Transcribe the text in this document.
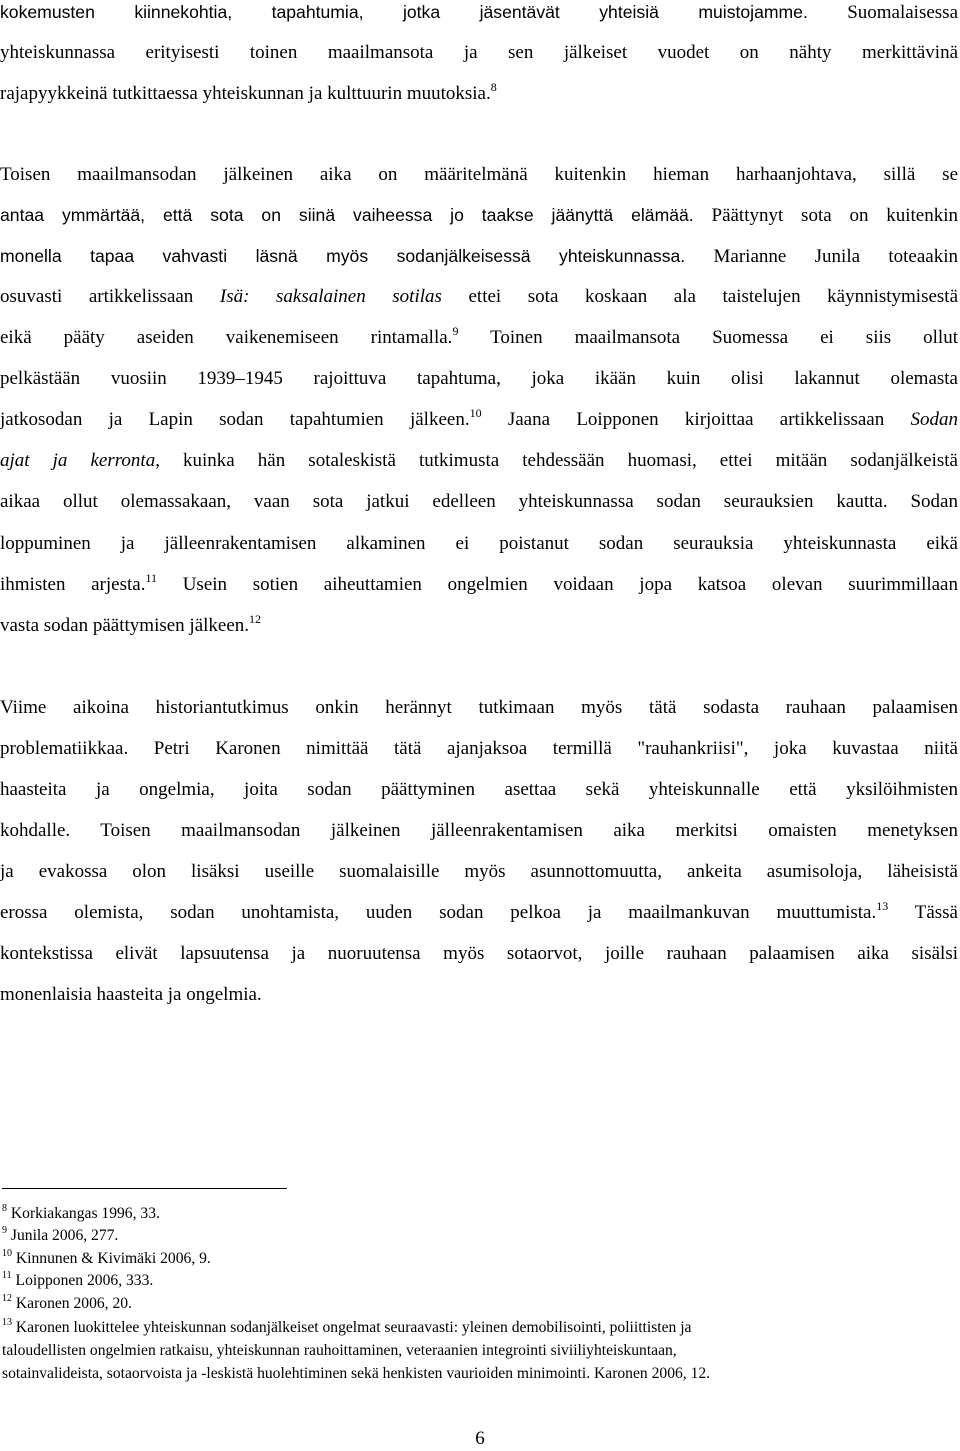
kokemusten kiinnekohtia, tapahtumia, jotka jäsentävät yhteisiä muistojamme. Suomalaisessa
yhteiskunnassa erityisesti toinen maailmansota ja sen jälkeiset vuodet on nähty merkittävinä
rajapyykkeinä tutkittaessa yhteiskunnan ja kulttuurin muutoksia.$^8$
Toisen maailmansodan jälkeinen aika on määritelmänä kuitenkin hieman harhaanjohtava, sillä se
antaa ymmärtää, että sota on siinä vaiheessa jo taakse jäänyttä elämää. Päättynyt sota on kuitenkin
monella tapaa vahvasti läsnä myös sodanjälkeisessä yhteiskunnassa. Marianne Junila toteaakin
osuvasti artikkelissaan Isä: saksalainen sotilas ettei sota koskaan ala taistelujen käynnistymisestä
eikä pääty aseiden vaikenemiseen rintamalla.$^9$ Toinen maailmansota Suomessa ei siis ollut
pelkästään vuosiin 1939–1945 rajoittuva tapahtuma, joka ikään kuin olisi lakannut olemasta
jatkosodan ja Lapin sodan tapahtumien jälkeen.$^{10}$ Jaana Loipponen kirjoittaa artikkelissaan Sodan
ajat ja kerronta, kuinka hän sotaleskistä tutkimusta tehdessään huomasi, ettei mitään sodanjälkeistä
aikaa ollut olemassakaan, vaan sota jatkui edelleen yhteiskunnassa sodan seurauksien kautta. Sodan
loppuminen ja jälleenrakentamisen alkaminen ei poistanut sodan seurauksia yhteiskunnasta eikä
ihmisten arjesta.$^{11}$ Usein sotien aiheuttamien ongelmien voidaan jopa katsoa olevan suurimmillaan
vasta sodan päättymisen jälkeen.$^{12}$
Viime aikoina historiantutkimus onkin herännyt tutkimaan myös tätä sodasta rauhaan palaamisen
problematiikkaa. Petri Karonen nimittää tätä ajanjaksoa termillä "rauhankriisi", joka kuvastaa niitä
haasteita ja ongelmia, joita sodan päättyminen asettaa sekä yhteiskunnalle että yksilöihmisten
kohdalle. Toisen maailmansodan jälkeinen jälleenrakentamisen aika merkitsi omaisten menetyksen
ja evakossa olon lisäksi useille suomalaisille myös asunnottomuutta, ankeita asumisoloja, läheisistä
erossa olemista, sodan unohtamista, uuden sodan pelkoa ja maailmankuvan muuttumista.$^{13}$ Tässä
kontekstissa elivät lapsuutensa ja nuoruutensa myös sotaorvot, joille rauhaan palaamisen aika sisälsi
monenlaisia haasteita ja ongelmia.
$^8$ Korkiakangas 1996, 33.
$^9$ Junila 2006, 277.
$^{10}$ Kinnunen & Kivimäki 2006, 9.
$^{11}$ Loipponen 2006, 333.
$^{12}$ Karonen 2006, 20.
$^{13}$ Karonen luokittelee yhteiskunnan sodanjälkeiset ongelmat seuraavasti: yleinen demobilisointi, poliittisten ja
taloudellisten ongelmien ratkaisu, yhteiskunnan rauhoittaminen, veteraanien integrointi siviiliyhteiskuntaan,
sotainvalideista, sotaorvoista ja -leskistä huolehtiminen sekä henkisten vaurioiden minimointi. Karonen 2006, 12.
6
